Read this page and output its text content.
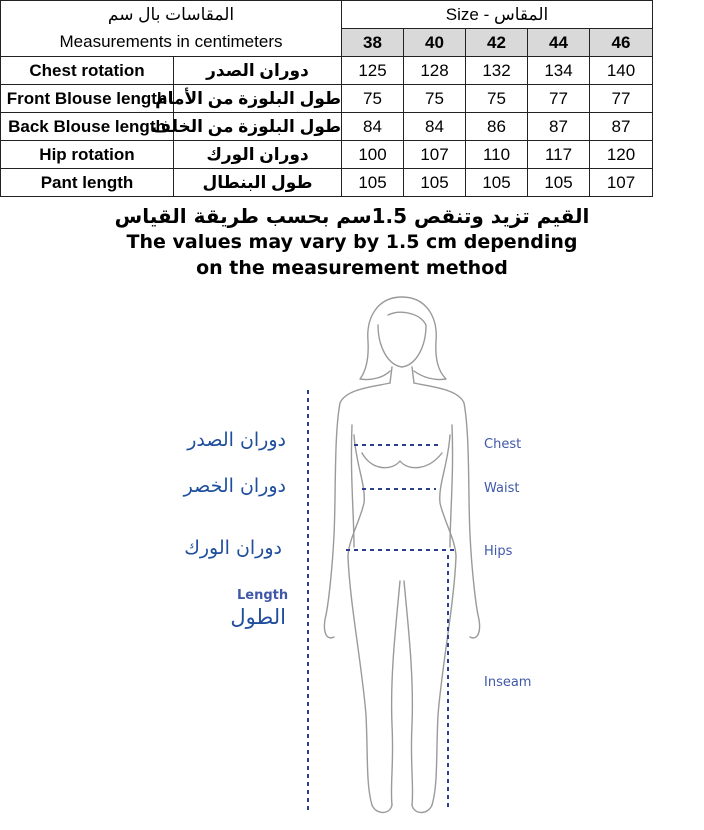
المقاسات بال سم		Size - المقاس				
Measurements in centimeters		38	40	42	44	46
Chest rotation	دوران الصدر	125	128	132	134	140
Front Blouse length	طول البلوزة من الأمام	75	75	75	77	77
Back Blouse length	طول البلوزة من الخلف	84	84	86	87	87
Hip rotation	دوران الورك	100	107	110	117	120
Pant length	طول البنطال	105	105	105	105	107
القيم تزيد وتنقص 1.5سم بحسب طريقة القياس
The values may vary by 1.5 cm depending
on the measurement method
دوران الصدر
دوران الخصر
دوران الورك
Length
الطول
Chest
Waist
Hips
Inseam
